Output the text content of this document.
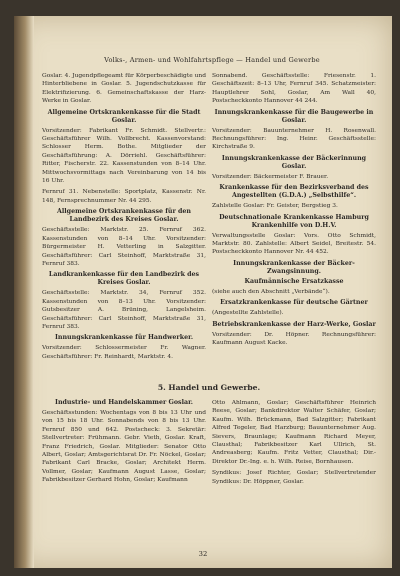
Volks-, Armen- und Wohlfahrtspflege — Handel und Gewerbe

Goslar. 4. Jugendpflegeamt für Körperbeschädigte und Hinterbliebene in Goslar. 5. Jugendschutzkasse für Elektrifizierung. 6. Gemeinschaftskasse der Harz-Werke in Goslar.

Allgemeine Ortskrankenkasse für die Stadt Goslar.

Vorsitzender: Fabrikant Fr. Schmidt. Stellvertr.: Geschäftsführer Wilh. Vollbrecht. Kassenvorstand: Schlosser Herm. Bothe. Mitglieder der Geschäftsführung: A. Dörriehl. Geschäftsführer: Ritter, Fischerstr. 22. Kassenstunden von 8–14 Uhr. Mittwochsvormittags nach Vereinbarung von 14 bis 16 Uhr.

Fernruf 31. Nebenstelle: Sportplatz, Kassenstr. Nr. 148, Fernsprechnummer Nr. 44 295.

Allgemeine Ortskrankenkasse für den Landbezirk des Kreises Goslar.

Geschäftsstelle: Marktstr. 25. Fernruf 362. Kassenstunden von 8–14 Uhr. Vorsitzender: Bürgermeister H. Vetterling in Salzgitter. Geschäftsführer: Carl Steinhoff, Marktstraße 31, Fernruf 383.

Landkrankenkasse für den Landbezirk des Kreises Goslar.

Geschäftsstelle: Marktstr. 34, Fernruf 352. Kassenstunden von 8–13 Uhr. Vorsitzender: Gutsbesitzer A. Brüning, Langelsheim. Geschäftsführer: Carl Steinhoff, Marktstraße 31, Fernruf 383.

Innungskrankenkasse für Handwerker.

Vorsitzender: Schlossermeister Fr. Wagner. Geschäftsführer: Fr. Reinhardt, Marktstr. 4.

Sonnabend. Geschäftsstelle: Friesenstr. 1. Geschäftszeit: 8–13 Uhr, Fernruf 345. Schatzmeister: Hauptlehrer Sohl, Goslar, Am Wall 40, Postscheckkonto Hannover 44 244.

Innungskrankenkasse für die Baugewerbe in Goslar.

Vorsitzender: Bauunternehmer H. Rosenwall. Rechnungsführer: Ing. Heinr. Geschäftsstelle: Kirchstraße 9.

Innungskrankenkasse der Bäckerinnung Goslar.

Vorsitzender: Bäckermeister F. Brauer.

Krankenkasse für den Bezirksverband des Angestellten (G.D.A.) „Selbsthilfe“.

Zahlstelle Goslar: Fr. Geister, Bergstieg 3.

Deutschnationale Krankenkasse Hamburg Krankenhilfe von D.H.V.

Verwaltungsstelle Goslar: Vors. Otto Schmidt, Marktstr. 80. Zahlstelle: Albert Seidel, Breitestr. 54. Postscheckkonto Hannover Nr. 44 452.

Innungskrankenkasse der Bäcker-Zwangsinnung.
Kaufmännische Ersatzkasse

(siehe auch den Abschnitt „Verbände“).

Ersatzkrankenkasse für deutsche Gärtner

(Angestellte Zahlstelle).

Betriebskrankenkasse der Harz-Werke, Goslar

Vorsitzender: Dr. Höpner. Rechnungsführer: Kaufmann August Kacke.

5. Handel und Gewerbe.
Industrie- und Handelskammer Goslar.

Geschäftsstunden: Wochentags von 8 bis 13 Uhr und von 15 bis 18 Uhr. Sonnabends von 8 bis 13 Uhr. Fernruf 850 und 642. Postscheck: 3. Sekretär: Stellvertreter: Frühmann. Gebr. Vieth, Goslar. Kraft, Franz Friedrich, Goslar. Mitglieder: Senator Otto Albert, Goslar; Amtsgerichtsrat Dr. Fr. Nöckel, Goslar; Fabrikant Carl Bracke, Goslar; Architekt Herm. Vollmer, Goslar; Kaufmann August Lasse, Goslar; Fabrikbesitzer Gerhard Hohn, Goslar; Kaufmann

Otto Ahlmann, Goslar; Geschäftsführer Heinrich Reese, Goslar; Bankdirektor Walter Schäfer, Goslar; Kaufm. Wilh. Brückmann, Bad Salzgitter; Fabrikant Alfred Tegeler, Bad Harzburg; Bauunternehmer Aug. Sievers, Braunlage; Kaufmann Richard Meyer, Clausthal; Fabrikbesitzer Karl Ullrich, St. Andreasberg; Kaufm. Fritz Vetter, Clausthal; Dir.-Direktor Dr.-Ing. e. h. Wilh. Reise, Bornhausen.

Syndikus: Josef Richter, Goslar; Stellvertretender Syndikus: Dr. Höppner, Goslar.

32
